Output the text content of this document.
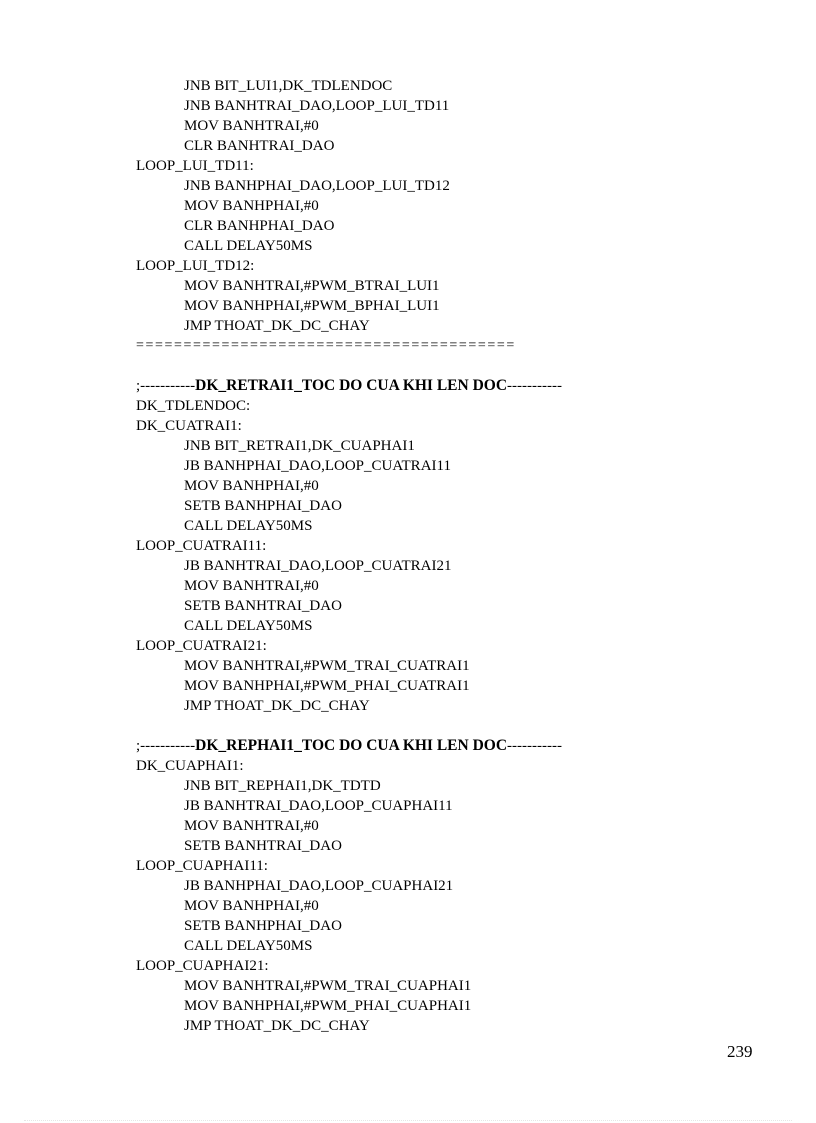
JNB BIT_LUI1,DK_TDLENDOC
JNB BANHTRAI_DAO,LOOP_LUI_TD11
MOV BANHTRAI,#0
CLR BANHTRAI_DAO
LOOP_LUI_TD11:
JNB BANHPHAI_DAO,LOOP_LUI_TD12
MOV BANHPHAI,#0
CLR BANHPHAI_DAO
CALL DELAY50MS
LOOP_LUI_TD12:
MOV BANHTRAI,#PWM_BTRAI_LUI1
MOV BANHPHAI,#PWM_BPHAI_LUI1
JMP THOAT_DK_DC_CHAY
========================================
;-----------DK_RETRAI1_TOC DO CUA KHI LEN DOC-----------
DK_TDLENDOC:
DK_CUATRAI1:
JNB BIT_RETRAI1,DK_CUAPHAI1
JB BANHPHAI_DAO,LOOP_CUATRAI11
MOV BANHPHAI,#0
SETB BANHPHAI_DAO
CALL DELAY50MS
LOOP_CUATRAI11:
JB BANHTRAI_DAO,LOOP_CUATRAI21
MOV BANHTRAI,#0
SETB BANHTRAI_DAO
CALL DELAY50MS
LOOP_CUATRAI21:
MOV BANHTRAI,#PWM_TRAI_CUATRAI1
MOV BANHPHAI,#PWM_PHAI_CUATRAI1
JMP THOAT_DK_DC_CHAY
;-----------DK_REPHAI1_TOC DO CUA KHI LEN DOC-----------
DK_CUAPHAI1:
JNB BIT_REPHAI1,DK_TDTD
JB BANHTRAI_DAO,LOOP_CUAPHAI11
MOV BANHTRAI,#0
SETB BANHTRAI_DAO
LOOP_CUAPHAI11:
JB BANHPHAI_DAO,LOOP_CUAPHAI21
MOV BANHPHAI,#0
SETB BANHPHAI_DAO
CALL DELAY50MS
LOOP_CUAPHAI21:
MOV BANHTRAI,#PWM_TRAI_CUAPHAI1
MOV BANHPHAI,#PWM_PHAI_CUAPHAI1
JMP THOAT_DK_DC_CHAY
239
